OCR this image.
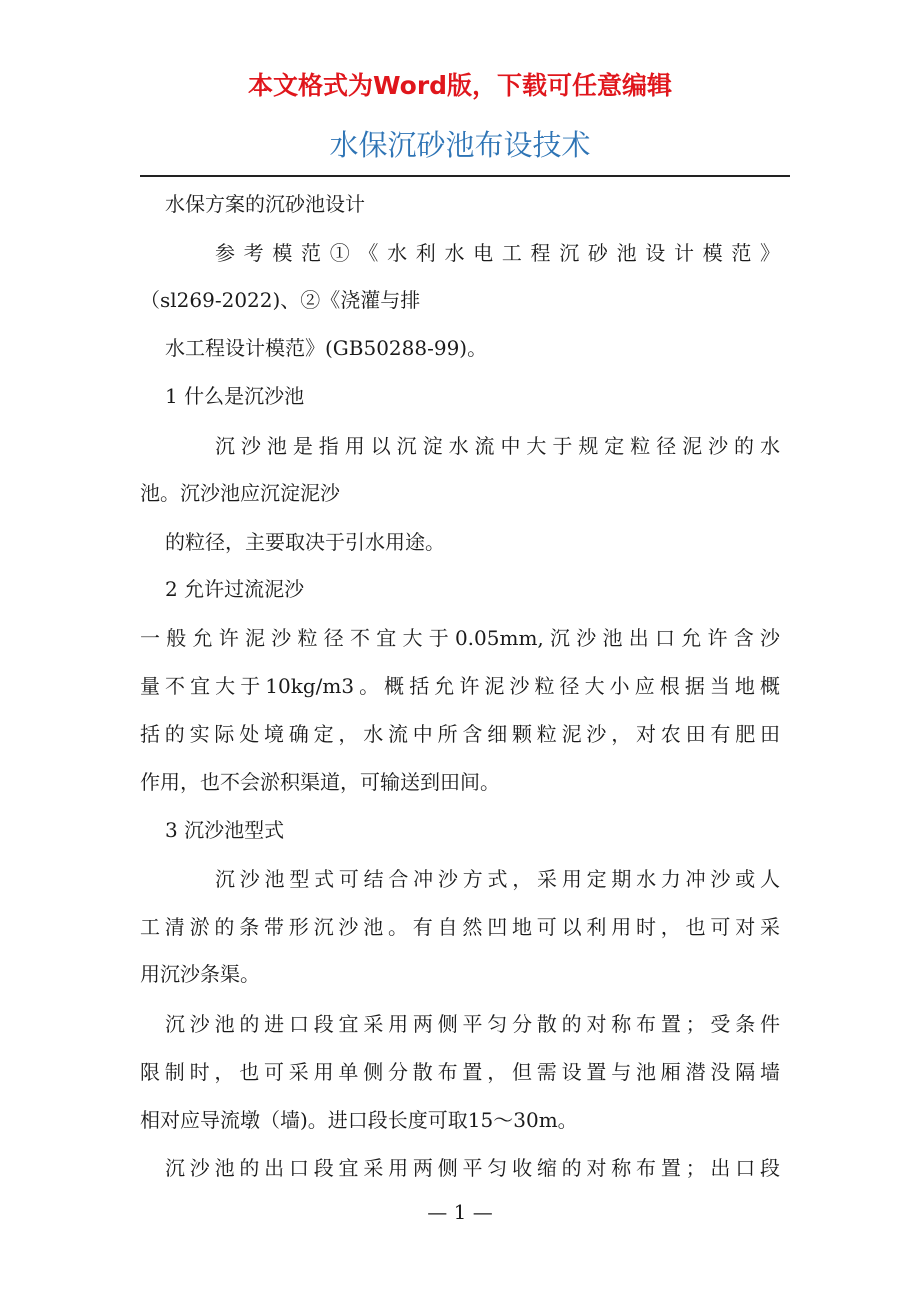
本文格式为Word版，下载可任意编辑
水保沉砂池布设技术
水保方案的沉砂池设计
参考模范①《水利水电工程沉砂池设计模范》
（sl269-2022)、②《浇灌与排
水工程设计模范》(GB50288-99)。
1 什么是沉沙池
沉沙池是指用以沉淀水流中大于规定粒径泥沙的水
池。沉沙池应沉淀泥沙
的粒径，主要取决于引水用途。
2 允许过流泥沙
一般允许泥沙粒径不宜大于0.05mm,沉沙池出口允许含沙
量不宜大于10kg/m3。概括允许泥沙粒径大小应根据当地概
括的实际处境确定，水流中所含细颗粒泥沙，对农田有肥田
作用，也不会淤积渠道，可输送到田间。
3 沉沙池型式
沉沙池型式可结合冲沙方式，采用定期水力冲沙或人
工清淤的条带形沉沙池。有自然凹地可以利用时，也可对采
用沉沙条渠。
沉沙池的进口段宜采用两侧平匀分散的对称布置；受条件
限制时，也可采用单侧分散布置，但需设置与池厢潜没隔墙
相对应导流墩（墙)。进口段长度可取15～30m。
沉沙池的出口段宜采用两侧平匀收缩的对称布置；出口段
— 1 —
